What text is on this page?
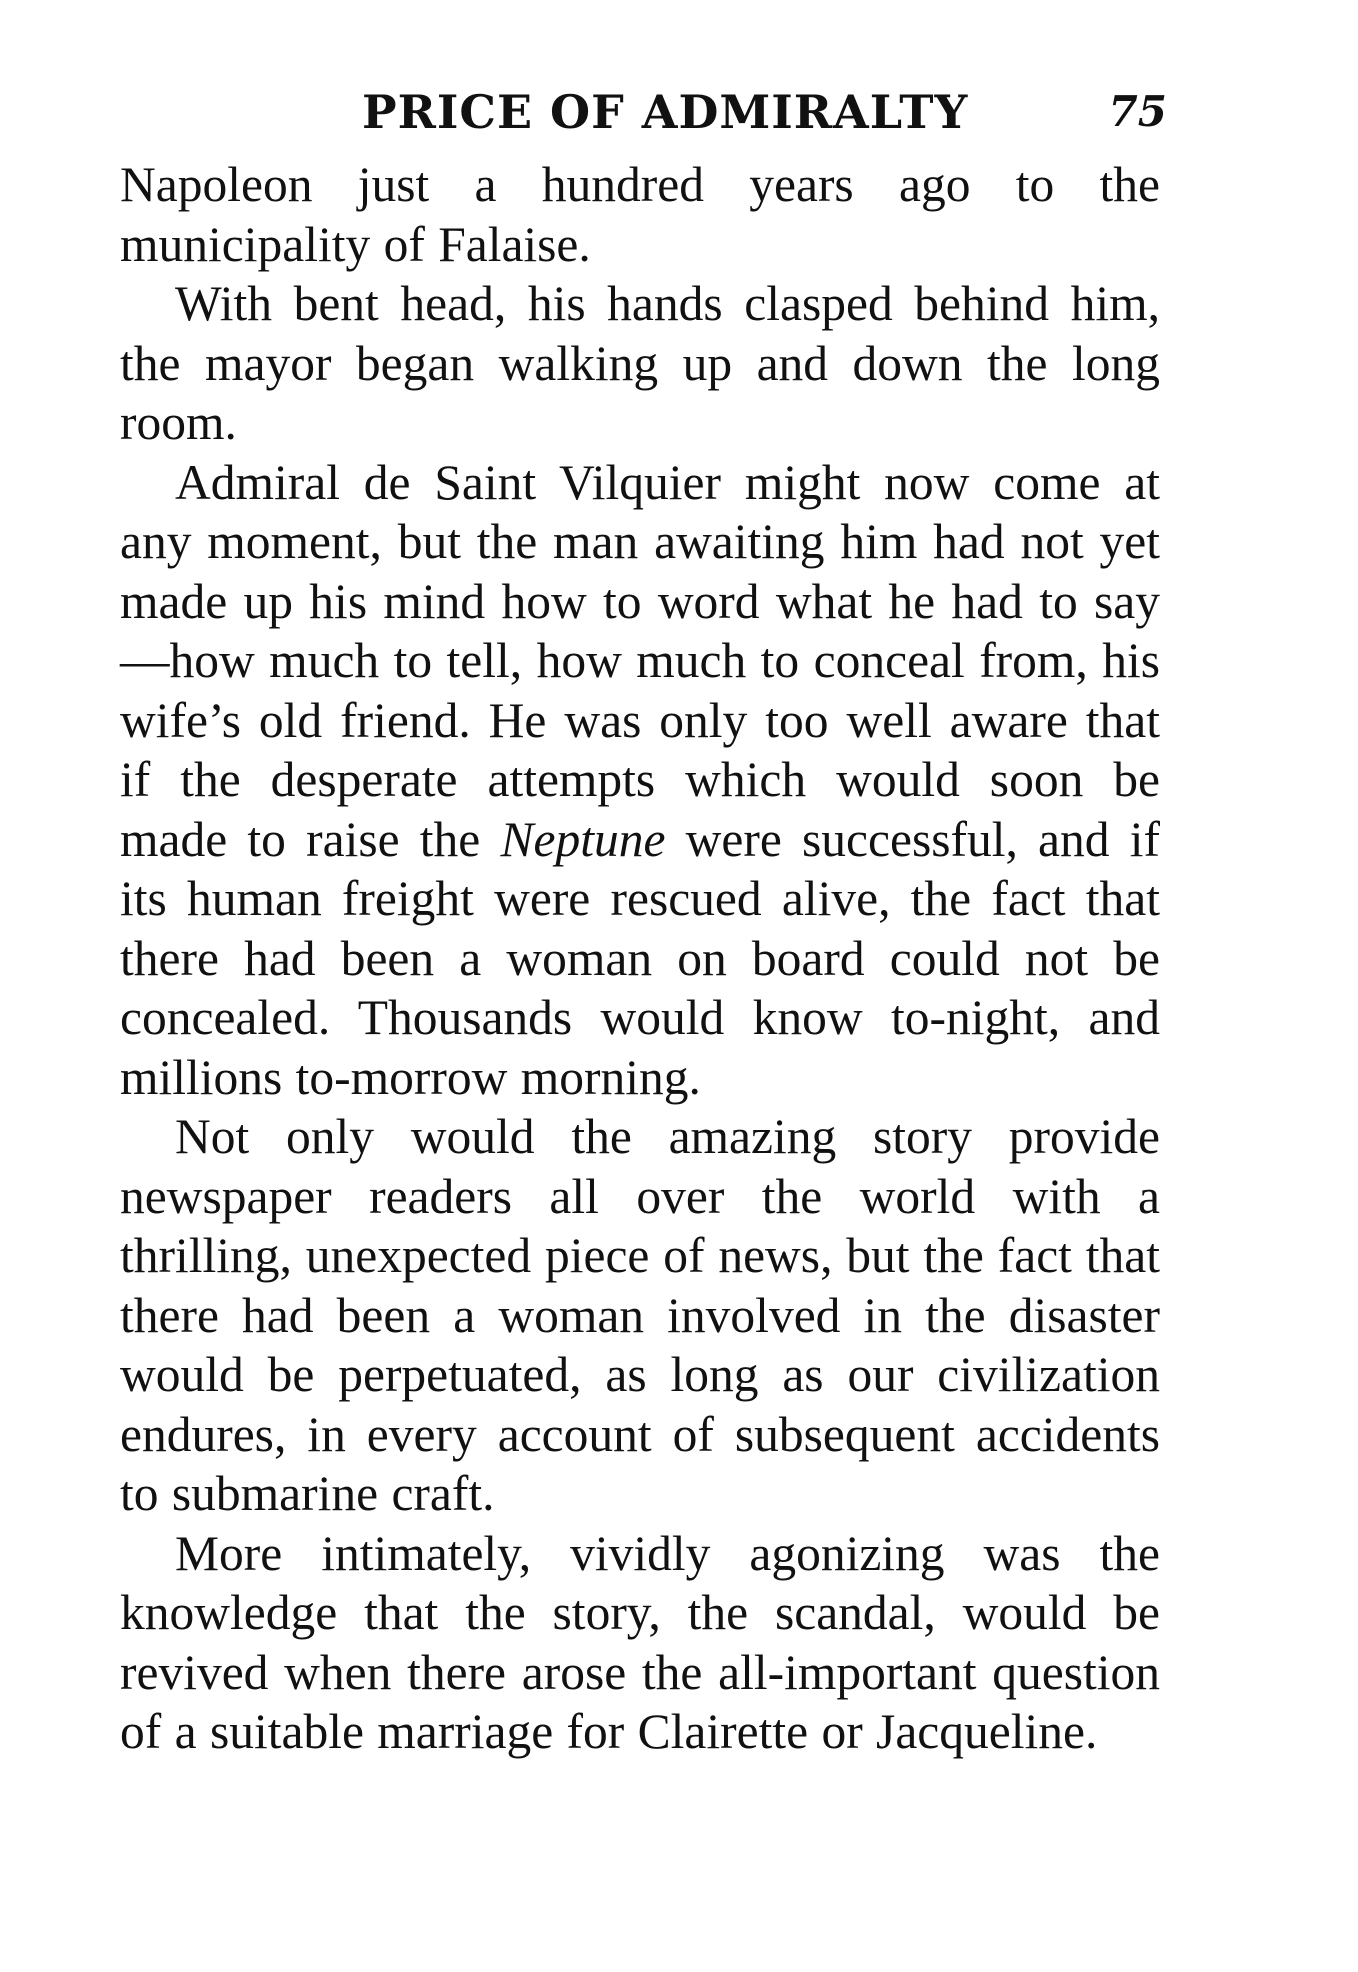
PRICE OF ADMIRALTY	75

Napoleon just a hundred years ago to the municipality of Falaise.

With bent head, his hands clasped behind him, the mayor began walking up and down the long room.

Admiral de Saint Vilquier might now come at any moment, but the man awaiting him had not yet made up his mind how to word what he had to say—how much to tell, how much to conceal from, his wife’s old friend. He was only too well aware that if the desperate attempts which would soon be made to raise the Neptune were successful, and if its human freight were rescued alive, the fact that there had been a woman on board could not be concealed. Thousands would know to-night, and millions to-morrow morning.

Not only would the amazing story provide newspaper readers all over the world with a thrilling, unexpected piece of news, but the fact that there had been a woman involved in the disaster would be perpetuated, as long as our civilization endures, in every account of subsequent accidents to submarine craft.

More intimately, vividly agonizing was the knowledge that the story, the scandal, would be revived when there arose the all-important question of a suitable marriage for Clairette or Jacqueline.
